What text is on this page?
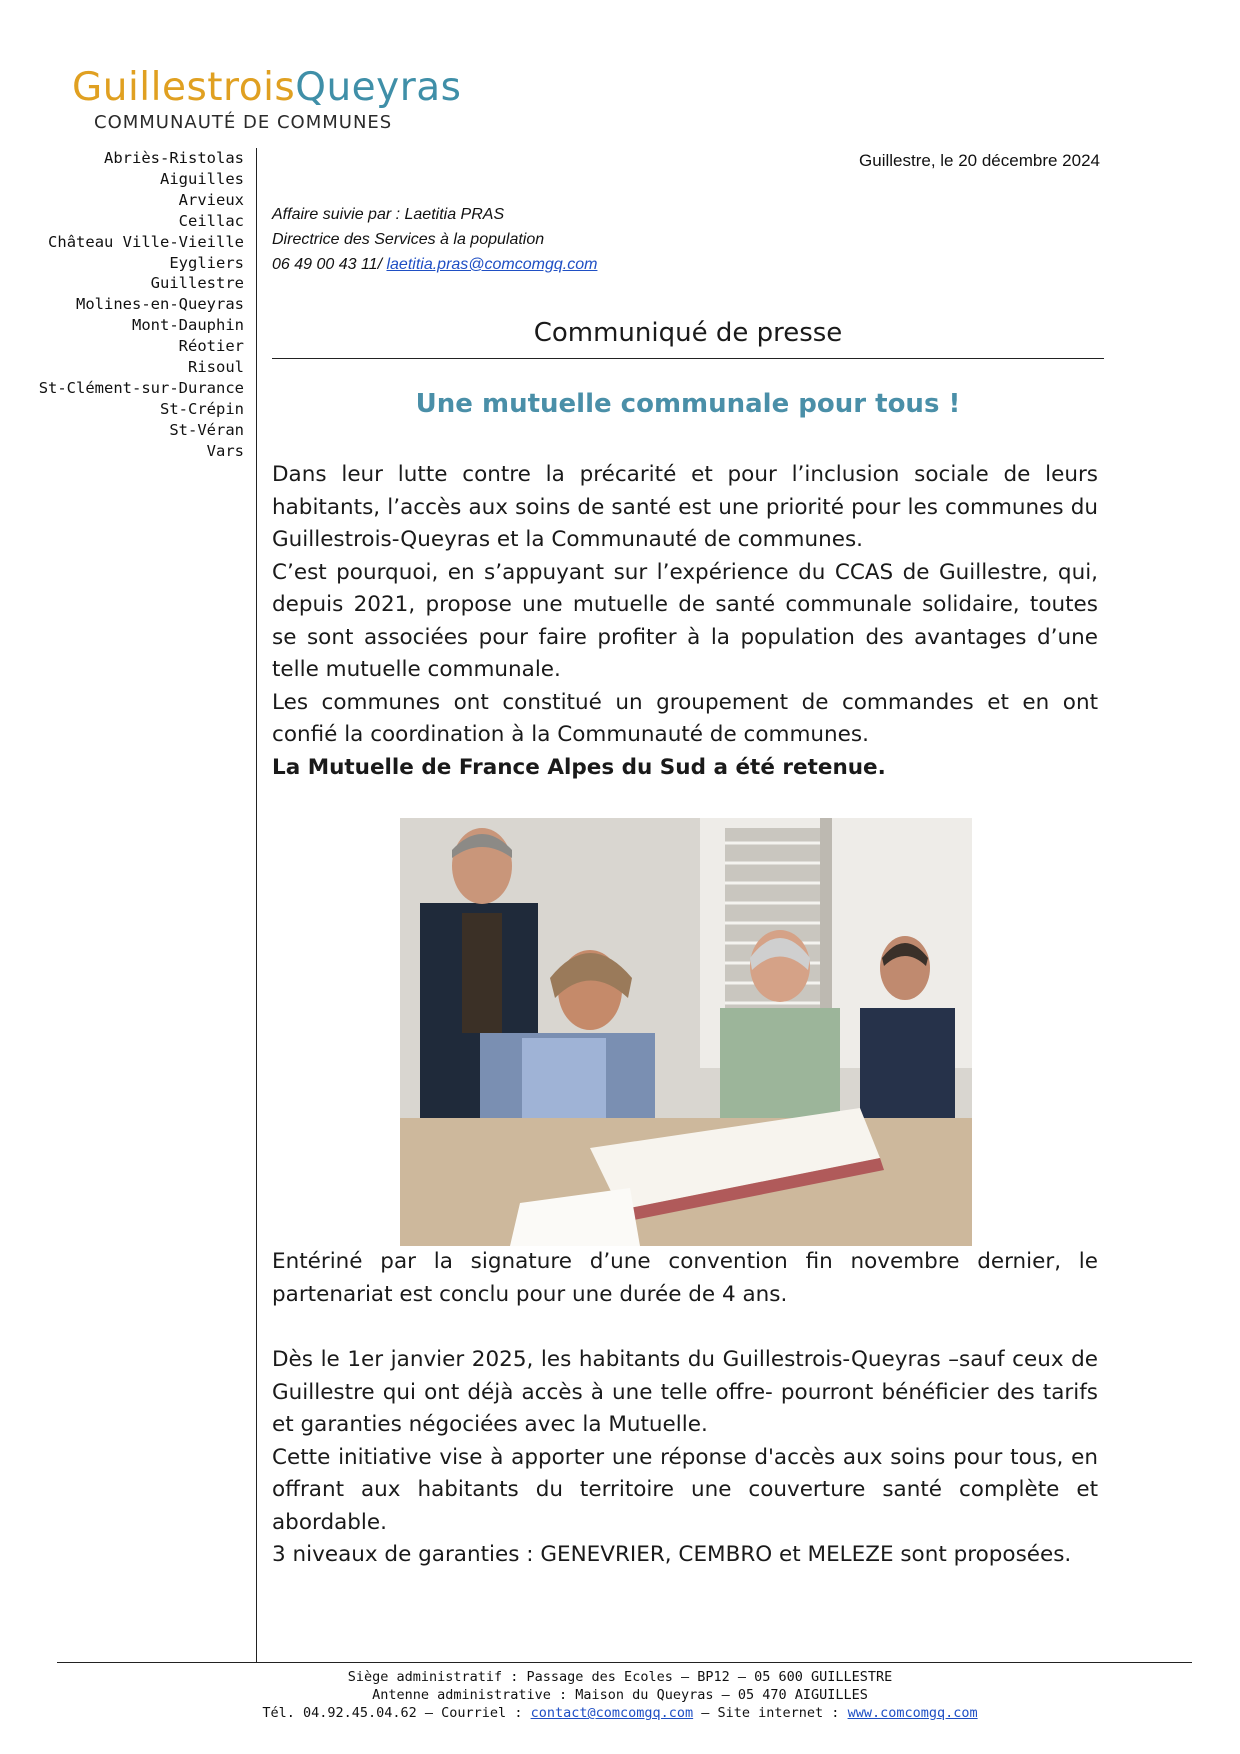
GuillestroisQueyras
COMMUNAUTÉ DE COMMUNES
Abriès-Ristolas
Aiguilles
Arvieux
Ceillac
Château Ville-Vieille
Eygliers
Guillestre
Molines-en-Queyras
Mont-Dauphin
Réotier
Risoul
St-Clément-sur-Durance
St-Crépin
St-Véran
Vars
Guillestre, le 20 décembre 2024
Affaire suivie par : Laetitia PRAS
Directrice des Services à la population
06 49 00 43 11/ laetitia.pras@comcomgq.com
Communiqué de presse
Une mutuelle communale pour tous !

Dans leur lutte contre la précarité et pour l’inclusion sociale de leurs habitants, l’accès aux soins de santé est une priorité pour les communes du Guillestrois-Queyras et la Communauté de communes.

C’est pourquoi, en s’appuyant sur l’expérience du CCAS de Guillestre, qui, depuis 2021, propose une mutuelle de santé communale solidaire, toutes se sont associées pour faire profiter à la population des avantages d’une telle mutuelle communale.

Les communes ont constitué un groupement de commandes et en ont confié la coordination à la Communauté de communes.

La Mutuelle de France Alpes du Sud a été retenue.

Entériné par la signature d’une convention fin novembre dernier, le partenariat est conclu pour une durée de 4 ans.

Dès le 1er janvier 2025, les habitants du Guillestrois-Queyras –sauf ceux de Guillestre qui ont déjà accès à une telle offre- pourront bénéficier des tarifs et garanties négociées avec la Mutuelle.

Cette initiative vise à apporter une réponse d'accès aux soins pour tous, en offrant aux habitants du territoire une couverture santé complète et abordable.

3 niveaux de garanties : GENEVRIER, CEMBRO et MELEZE sont proposées.

Siège administratif : Passage des Ecoles – BP12 – 05 600 GUILLESTRE
Antenne administrative : Maison du Queyras – 05 470 AIGUILLES
Tél. 04.92.45.04.62 – Courriel : contact@comcomgq.com – Site internet : www.comcomgq.com
